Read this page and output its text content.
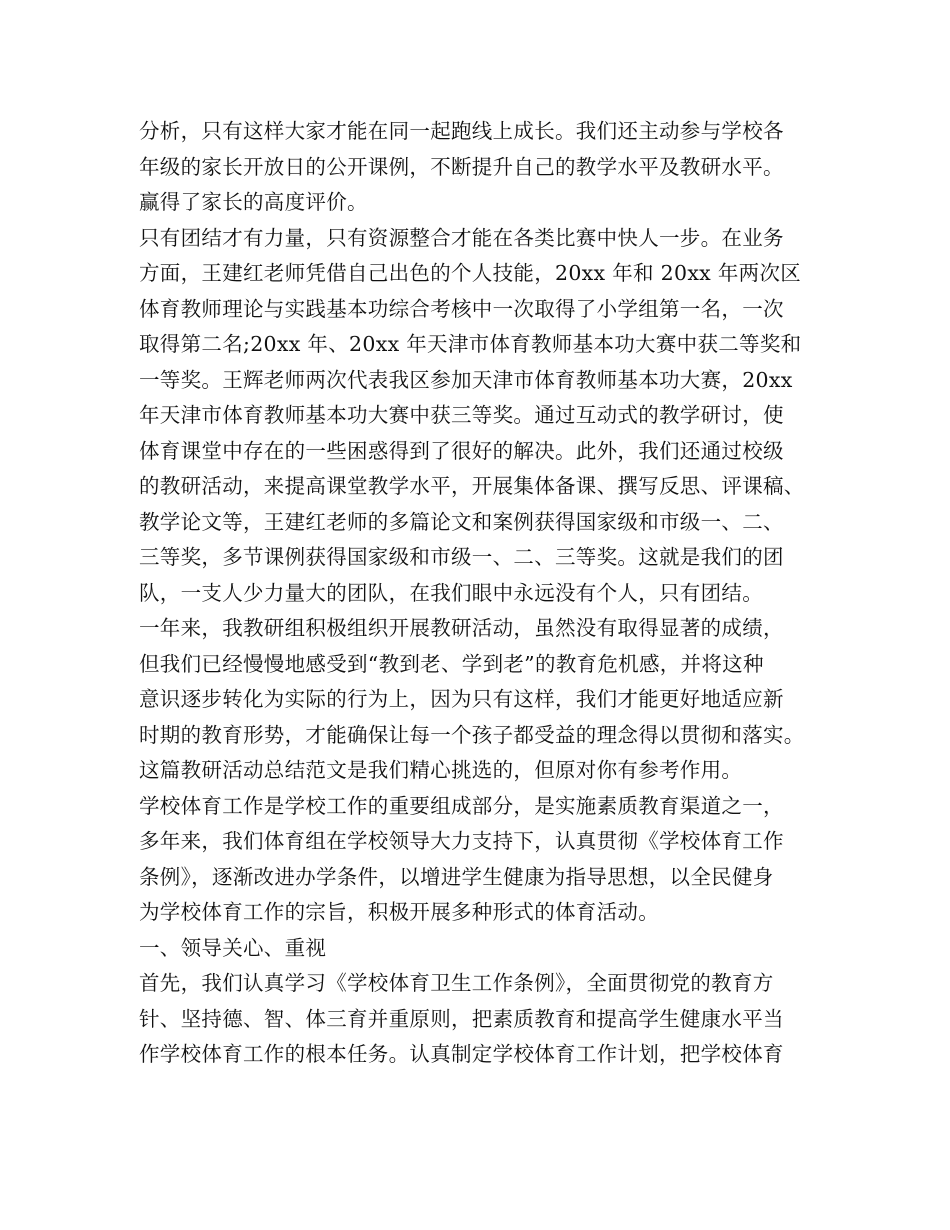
分析，只有这样大家才能在同一起跑线上成长。我们还主动参与学校各
年级的家长开放日的公开课例，不断提升自己的教学水平及教研水平。
赢得了家长的高度评价。
只有团结才有力量，只有资源整合才能在各类比赛中快人一步。在业务
方面，王建红老师凭借自己出色的个人技能，20xx 年和 20xx 年两次区
体育教师理论与实践基本功综合考核中一次取得了小学组第一名，一次
取得第二名;20xx 年、20xx 年天津市体育教师基本功大赛中获二等奖和
一等奖。王辉老师两次代表我区参加天津市体育教师基本功大赛，20xx
年天津市体育教师基本功大赛中获三等奖。通过互动式的教学研讨，使
体育课堂中存在的一些困惑得到了很好的解决。此外，我们还通过校级
的教研活动，来提高课堂教学水平，开展集体备课、撰写反思、评课稿、
教学论文等，王建红老师的多篇论文和案例获得国家级和市级一、二、
三等奖，多节课例获得国家级和市级一、二、三等奖。这就是我们的团
队，一支人少力量大的团队，在我们眼中永远没有个人，只有团结。
一年来，我教研组积极组织开展教研活动，虽然没有取得显著的成绩，
但我们已经慢慢地感受到“教到老、学到老”的教育危机感，并将这种
意识逐步转化为实际的行为上，因为只有这样，我们才能更好地适应新
时期的教育形势，才能确保让每一个孩子都受益的理念得以贯彻和落实。
这篇教研活动总结范文是我们精心挑选的，但原对你有参考作用。
学校体育工作是学校工作的重要组成部分，是实施素质教育渠道之一，
多年来，我们体育组在学校领导大力支持下，认真贯彻《学校体育工作
条例》，逐渐改进办学条件，以增进学生健康为指导思想，以全民健身
为学校体育工作的宗旨，积极开展多种形式的体育活动。
一、领导关心、重视
首先，我们认真学习《学校体育卫生工作条例》，全面贯彻党的教育方
针、坚持德、智、体三育并重原则，把素质教育和提高学生健康水平当
作学校体育工作的根本任务。认真制定学校体育工作计划，把学校体育
